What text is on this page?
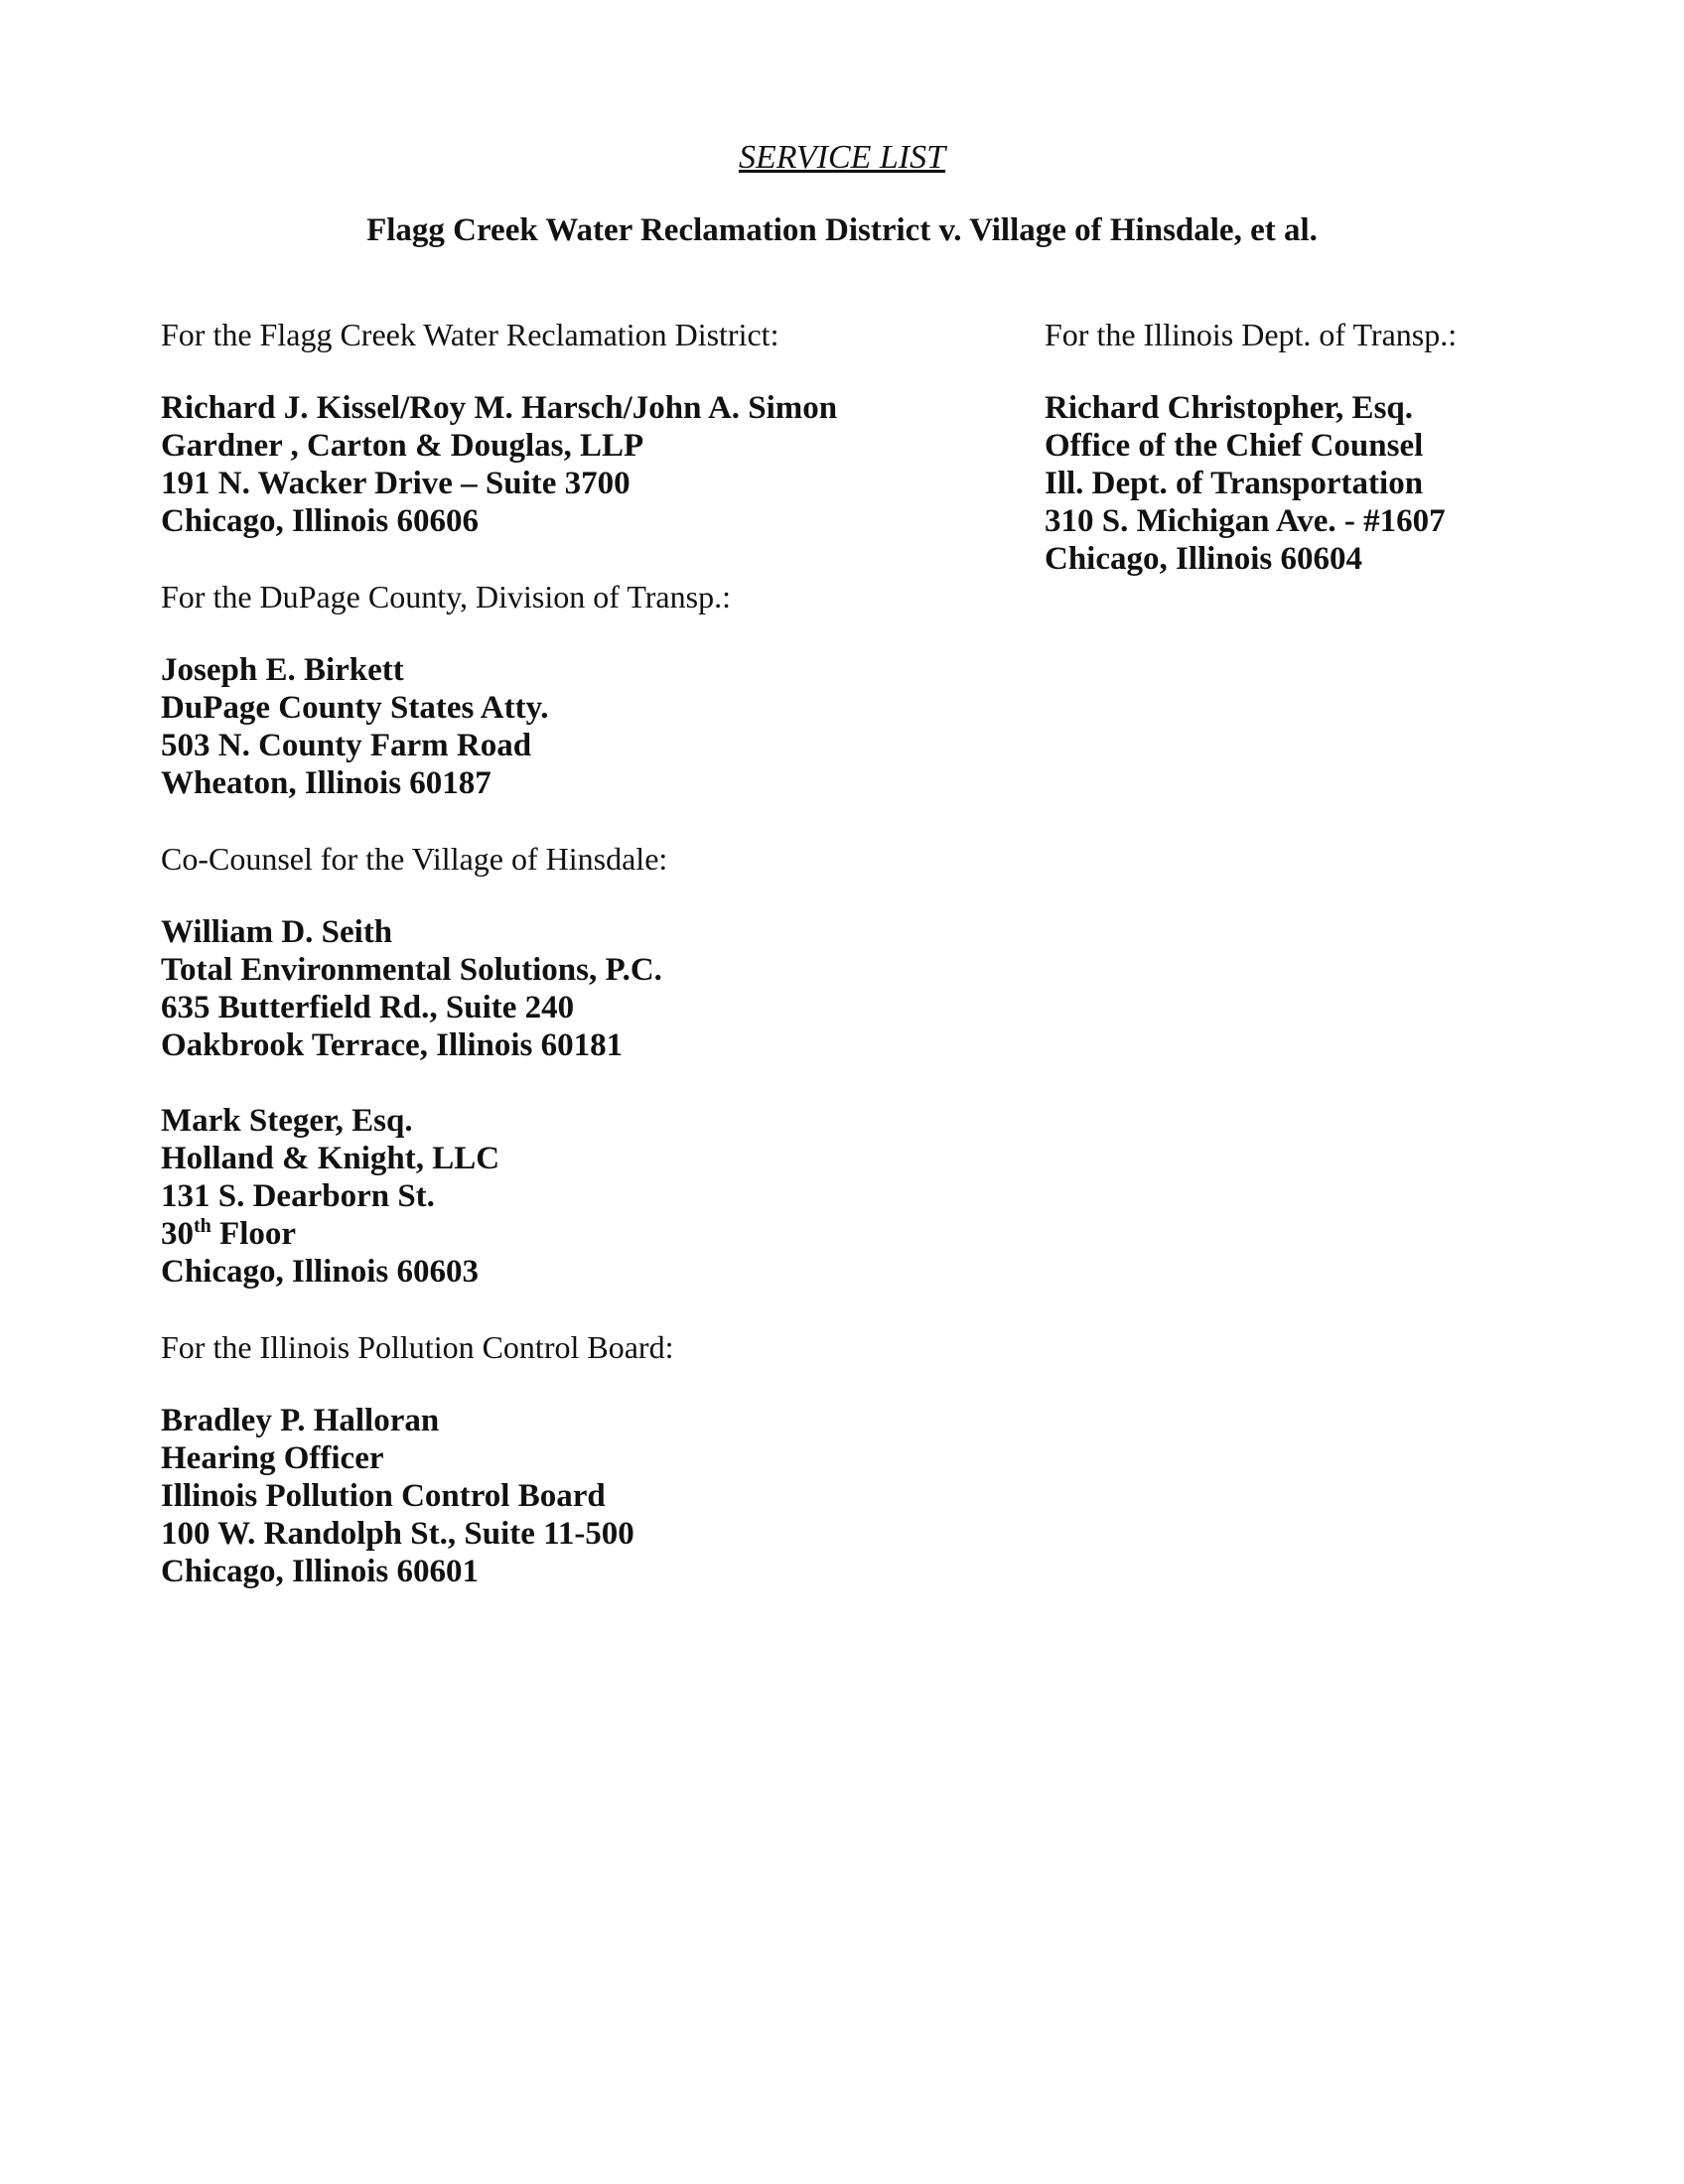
SERVICE LIST
Flagg Creek Water Reclamation District v. Village of Hinsdale, et al.
For the Flagg Creek Water Reclamation District:
Richard J. Kissel/Roy M. Harsch/John A. Simon
Gardner , Carton & Douglas, LLP
191 N. Wacker Drive – Suite 3700
Chicago, Illinois 60606
For the DuPage County, Division of Transp.:
Joseph E. Birkett
DuPage County States Atty.
503 N. County Farm Road
Wheaton, Illinois 60187
Co-Counsel for the Village of Hinsdale:
William D. Seith
Total Environmental Solutions, P.C.
635 Butterfield Rd., Suite 240
Oakbrook Terrace, Illinois 60181
Mark Steger, Esq.
Holland & Knight, LLC
131 S. Dearborn St.
30th Floor
Chicago, Illinois 60603
For the Illinois Pollution Control Board:
Bradley P. Halloran
Hearing Officer
Illinois Pollution Control Board
100 W. Randolph St., Suite 11-500
Chicago, Illinois 60601
For the Illinois Dept. of Transp.:
Richard Christopher, Esq.
Office of the Chief Counsel
Ill. Dept. of Transportation
310 S. Michigan Ave. - #1607
Chicago, Illinois 60604
